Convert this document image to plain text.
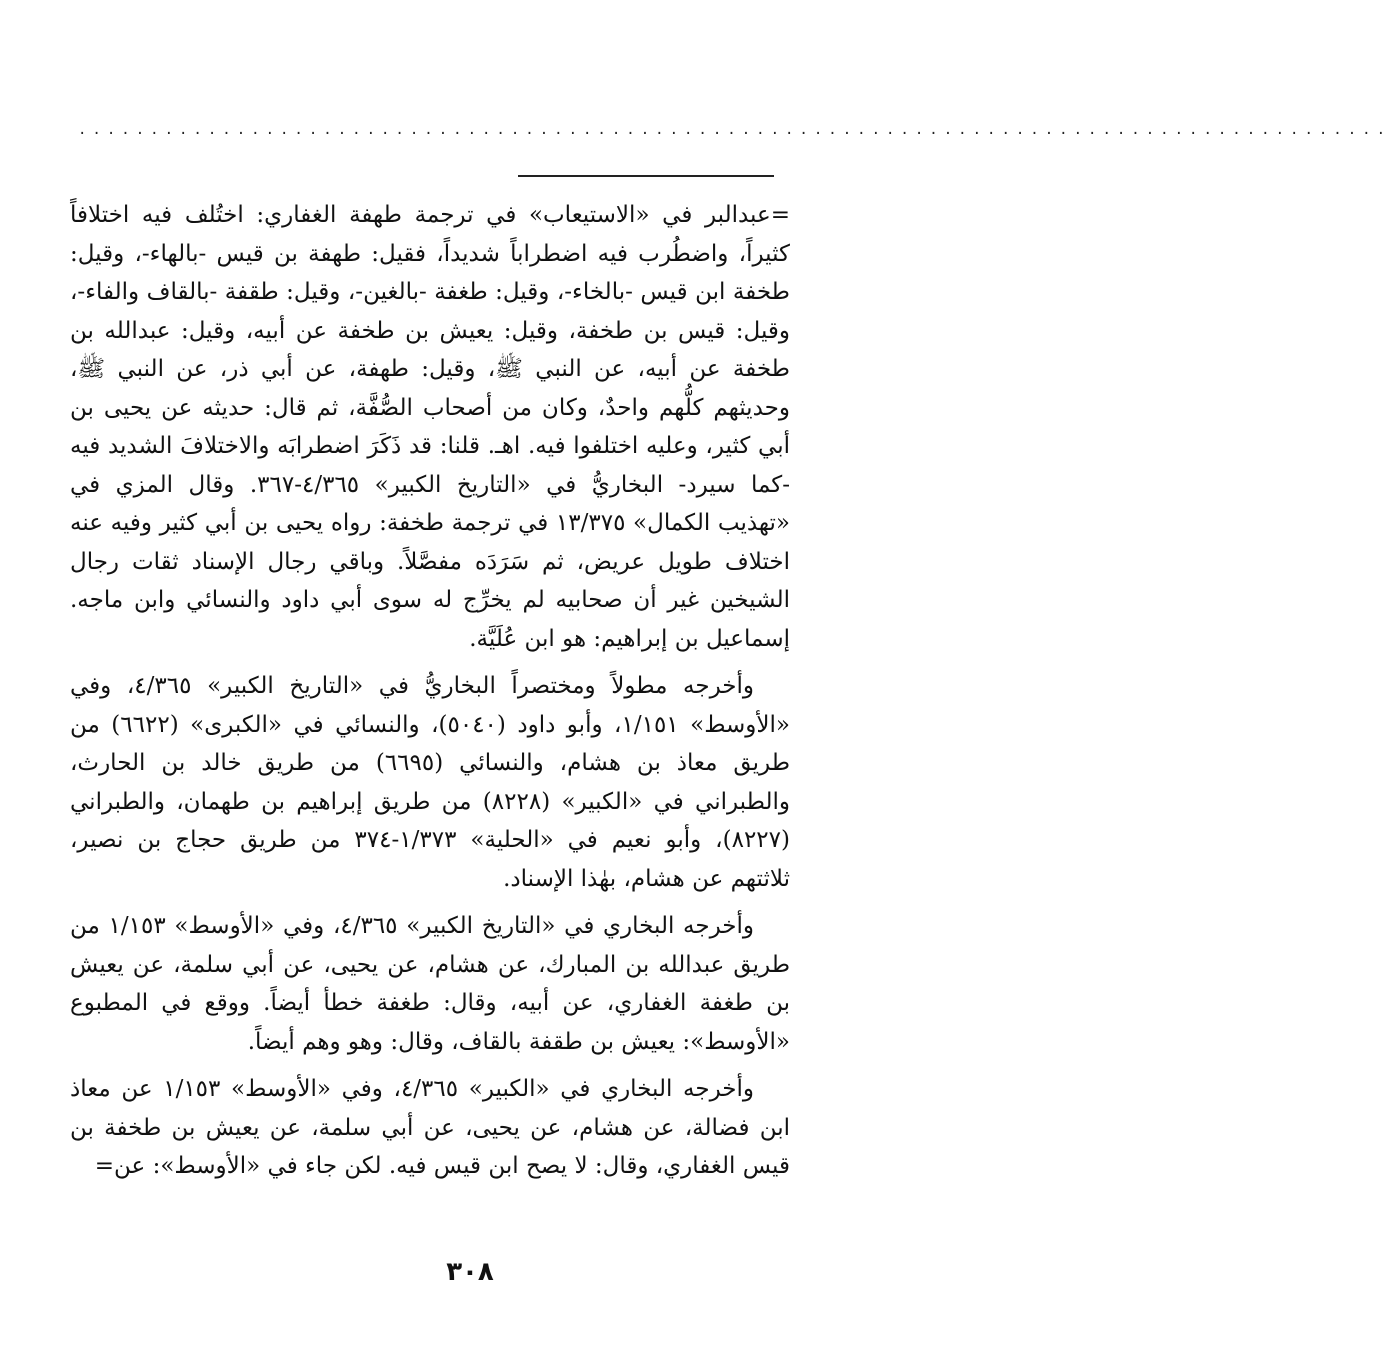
...........................................................................................

=عبدالبر في «الاستيعاب» في ترجمة طهفة الغفاري: اختُلف فيه اختلافاً كثيراً، واضطُرب فيه اضطراباً شديداً، فقيل: طهفة بن قيس -بالهاء-، وقيل: طخفة ابن قيس -بالخاء-، وقيل: طغفة -بالغين-، وقيل: طقفة -بالقاف والفاء-، وقيل: قيس بن طخفة، وقيل: يعيش بن طخفة عن أبيه، وقيل: عبدالله بن طخفة عن أبيه، عن النبي ﷺ، وقيل: طهفة، عن أبي ذر، عن النبي ﷺ، وحديثهم كلُّهم واحدٌ، وكان من أصحاب الصُّفَّة، ثم قال: حديثه عن يحيى بن أبي كثير، وعليه اختلفوا فيه. اهـ. قلنا: قد ذَكَرَ اضطرابَه والاختلافَ الشديد فيه -كما سيرد- البخاريُّ في «التاريخ الكبير» ٤/٣٦٥-٣٦٧. وقال المزي في «تهذيب الكمال» ١٣/٣٧٥ في ترجمة طخفة: رواه يحيى بن أبي كثير وفيه عنه اختلاف طويل عريض، ثم سَرَدَه مفصَّلاً. وباقي رجال الإسناد ثقات رجال الشيخين غير أن صحابيه لم يخرِّج له سوى أبي داود والنسائي وابن ماجه. إسماعيل بن إبراهيم: هو ابن عُلَيَّة.

وأخرجه مطولاً ومختصراً البخاريُّ في «التاريخ الكبير» ٤/٣٦٥، وفي «الأوسط» ١/١٥١، وأبو داود (٥٠٤٠)، والنسائي في «الكبرى» (٦٦٢٢) من طريق معاذ بن هشام، والنسائي (٦٦٩٥) من طريق خالد بن الحارث، والطبراني في «الكبير» (٨٢٢٨) من طريق إبراهيم بن طهمان، والطبراني (٨٢٢٧)، وأبو نعيم في «الحلية» ١/٣٧٣-٣٧٤ من طريق حجاج بن نصير، ثلاثتهم عن هشام، بهٰذا الإسناد.

وأخرجه البخاري في «التاريخ الكبير» ٤/٣٦٥، وفي «الأوسط» ١/١٥٣ من طريق عبدالله بن المبارك، عن هشام، عن يحيى، عن أبي سلمة، عن يعيش بن طغفة الغفاري، عن أبيه، وقال: طغفة خطأ أيضاً. ووقع في المطبوع «الأوسط»: يعيش بن طقفة بالقاف، وقال: وهو وهم أيضاً.

وأخرجه البخاري في «الكبير» ٤/٣٦٥، وفي «الأوسط» ١/١٥٣ عن معاذ ابن فضالة، عن هشام، عن يحيى، عن أبي سلمة، عن يعيش بن طخفة بن قيس الغفاري، وقال: لا يصح ابن قيس فيه. لكن جاء في «الأوسط»: عن=

٣٠٨
